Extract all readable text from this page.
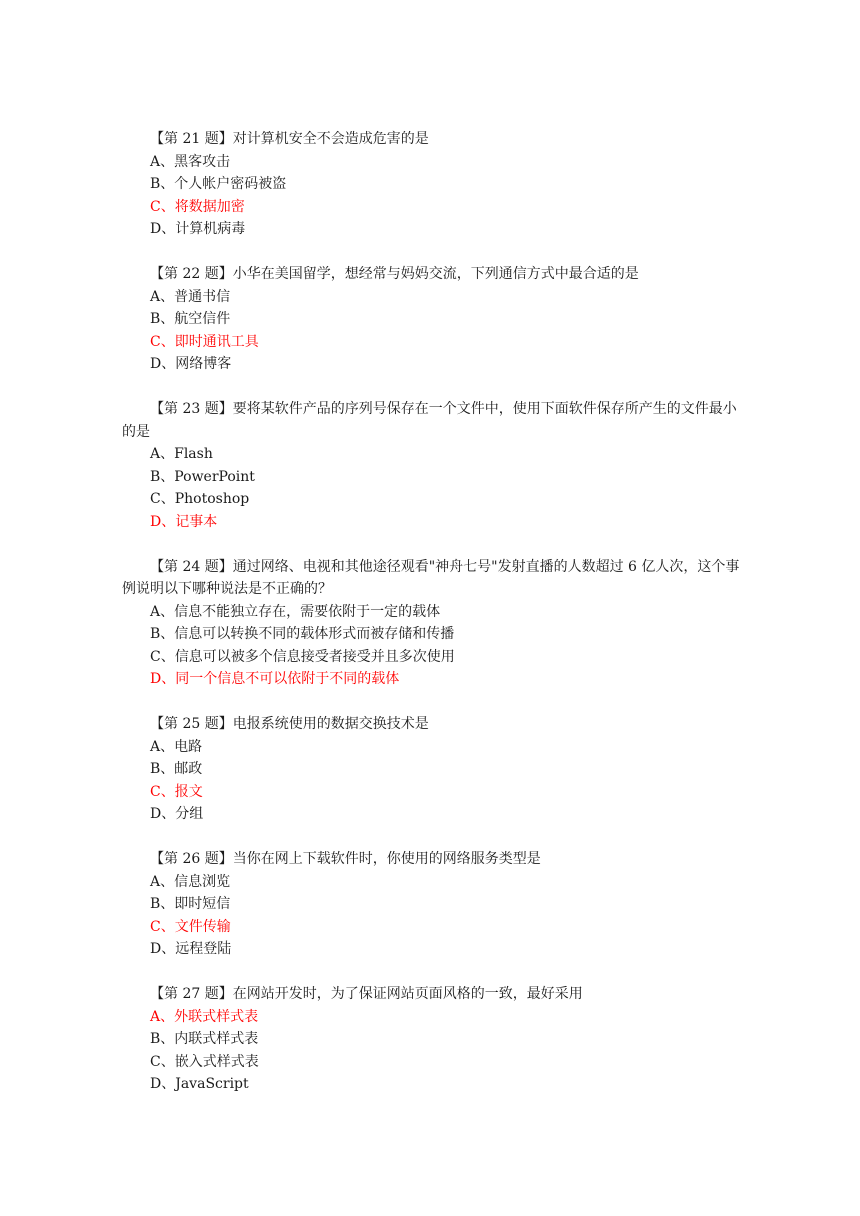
【第 21 题】对计算机安全不会造成危害的是

A、黑客攻击

B、个人帐户密码被盗

C、将数据加密

D、计算机病毒

【第 22 题】小华在美国留学，想经常与妈妈交流，下列通信方式中最合适的是

A、普通书信

B、航空信件

C、即时通讯工具

D、网络博客

【第 23 题】要将某软件产品的序列号保存在一个文件中，使用下面软件保存所产生的文件最小的是

A、Flash

B、PowerPoint

C、Photoshop

D、记事本

【第 24 题】通过网络、电视和其他途径观看"神舟七号"发射直播的人数超过 6 亿人次，这个事例说明以下哪种说法是不正确的？

A、信息不能独立存在，需要依附于一定的载体

B、信息可以转换不同的载体形式而被存储和传播

C、信息可以被多个信息接受者接受并且多次使用

D、同一个信息不可以依附于不同的载体

【第 25 题】电报系统使用的数据交换技术是

A、电路

B、邮政

C、报文

D、分组

【第 26 题】当你在网上下载软件时，你使用的网络服务类型是

A、信息浏览

B、即时短信

C、文件传输

D、远程登陆

【第 27 题】在网站开发时，为了保证网站页面风格的一致，最好采用

A、外联式样式表

B、内联式样式表

C、嵌入式样式表

D、JavaScript
